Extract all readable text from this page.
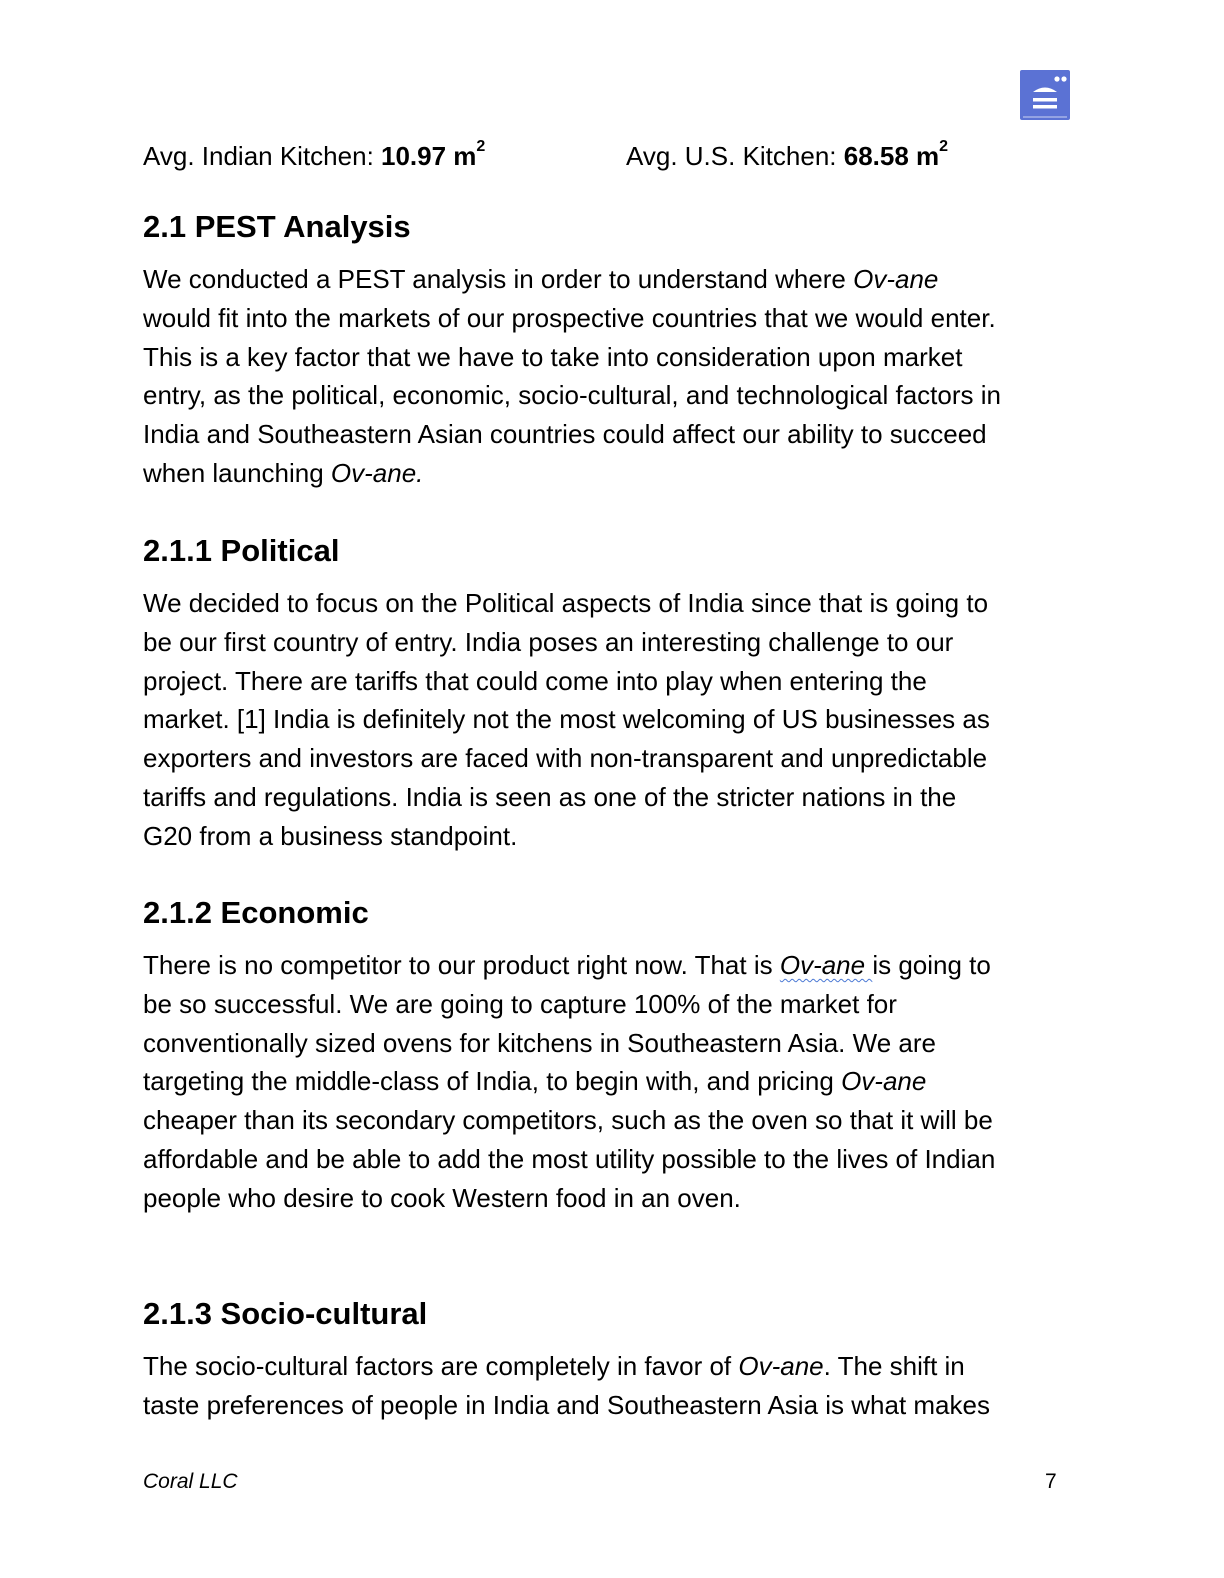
Avg. Indian Kitchen: 10.97 $m^2$	Avg. U.S. Kitchen: 68.58 $m^2$
2.1 PEST Analysis
We conducted a PEST analysis in order to understand where Ov-ane
would fit into the markets of our prospective countries that we would enter.
This is a key factor that we have to take into consideration upon market
entry, as the political, economic, socio-cultural, and technological factors in
India and Southeastern Asian countries could affect our ability to succeed
when launching Ov-ane.
2.1.1 Political
We decided to focus on the Political aspects of India since that is going to
be our first country of entry. India poses an interesting challenge to our
project. There are tariffs that could come into play when entering the
market. [1] India is definitely not the most welcoming of US businesses as
exporters and investors are faced with non-transparent and unpredictable
tariffs and regulations. India is seen as one of the stricter nations in the
G20 from a business standpoint.
2.1.2 Economic
There is no competitor to our product right now. That is Ov-ane is going to
be so successful. We are going to capture 100% of the market for
conventionally sized ovens for kitchens in Southeastern Asia. We are
targeting the middle-class of India, to begin with, and pricing Ov-ane
cheaper than its secondary competitors, such as the oven so that it will be
affordable and be able to add the most utility possible to the lives of Indian
people who desire to cook Western food in an oven.
2.1.3 Socio-cultural
The socio-cultural factors are completely in favor of Ov-ane. The shift in
taste preferences of people in India and Southeastern Asia is what makes
Coral LLC	7
